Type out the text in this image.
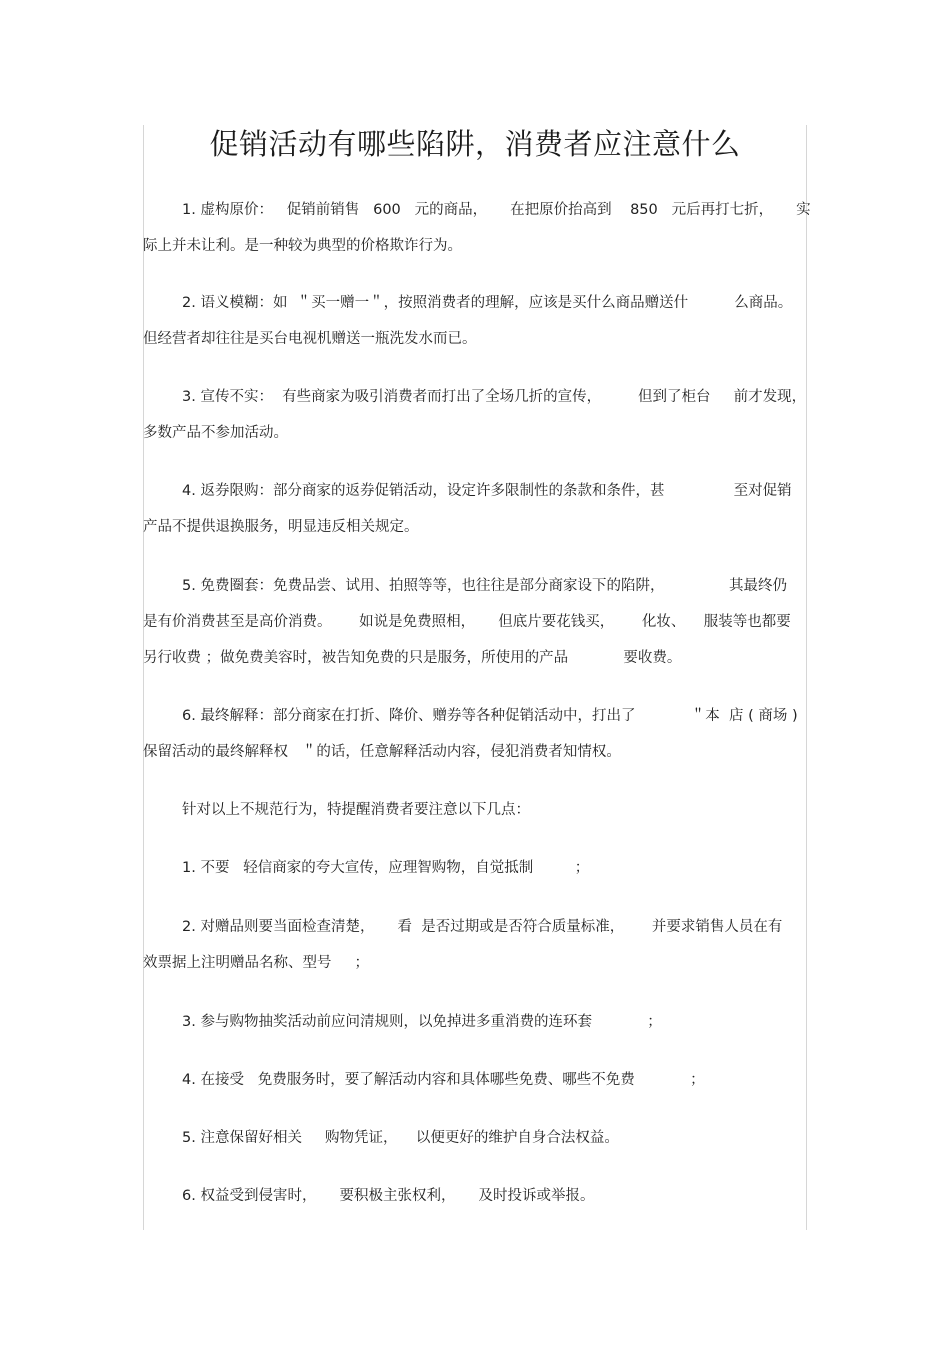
促销活动有哪些陷阱，消费者应注意什么
1. 虚构原价：   促销前销售   600   元的商品，     在把原价抬高到    850   元后再打七折，     实
际上并未让利。是一种较为典型的价格欺诈行为。
2. 语义模糊：如  ＂买一赠一＂，按照消费者的理解，应该是买什么商品赠送什          么商品。
但经营者却往往是买台电视机赠送一瓶洗发水而已。
3. 宣传不实：  有些商家为吸引消费者而打出了全场几折的宣传，        但到了柜台     前才发现，
多数产品不参加活动。
4. 返券限购：部分商家的返券促销活动，设定许多限制性的条款和条件，甚               至对促销
产品不提供退换服务，明显违反相关规定。
5. 免费圈套：免费品尝、试用、拍照等等，也往往是部分商家设下的陷阱，              其最终仍
是有价消费甚至是高价消费。      如说是免费照相，     但底片要花钱买，      化妆、    服装等也都要
另行收费 ；做免费美容时，被告知免费的只是服务，所使用的产品            要收费。
6. 最终解释：部分商家在打折、降价、赠券等各种促销活动中，打出了            ＂本  店 ( 商场 )
保留活动的最终解释权   ＂的话，任意解释活动内容，侵犯消费者知情权。
针对以上不规范行为，特提醒消费者要注意以下几点：
1. 不要   轻信商家的夸大宣传，应理智购物，自觉抵制         ；
2. 对赠品则要当面检查清楚，     看  是否过期或是否符合质量标准，      并要求销售人员在有
效票据上注明赠品名称、型号     ；
3. 参与购物抽奖活动前应问清规则，以免掉进多重消费的连环套            ；
4. 在接受   免费服务时，要了解活动内容和具体哪些免费、哪些不免费            ；
5. 注意保留好相关     购物凭证，    以便更好的维护自身合法权益。
6. 权益受到侵害时，     要积极主张权利，     及时投诉或举报。
